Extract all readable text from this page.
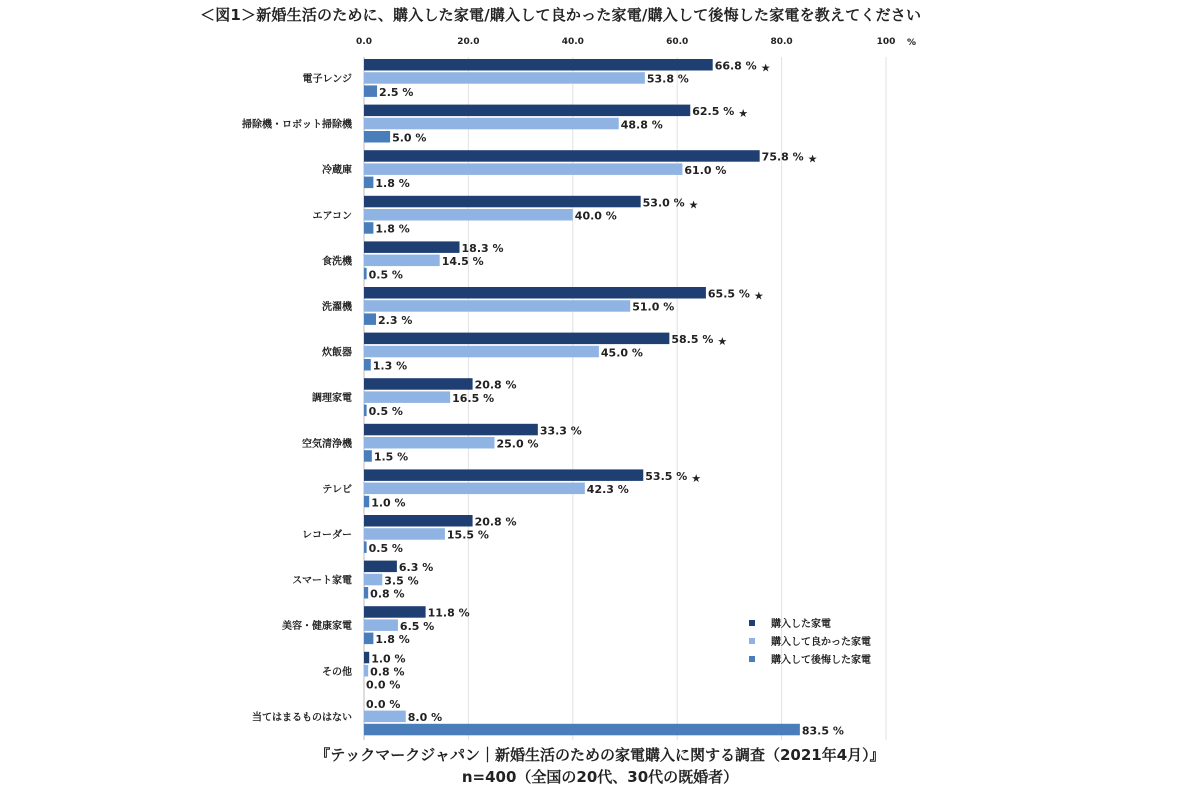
＜図1＞新婚生活のために、購入した家電/購入して良かった家電/購入して後悔した家電を教えてください
0.0	20.0	40.0	60.0	80.0	100 %
電子レンジ
66.8 % ★
53.8 %
2.5 %
掃除機・ロボット掃除機
62.5 % ★
48.8 %
5.0 %
冷蔵庫
75.8 % ★
61.0 %
1.8 %
エアコン
53.0 % ★
40.0 %
1.8 %
食洗機
18.3 %
14.5 %
0.5 %
洗濯機
65.5 % ★
51.0 %
2.3 %
炊飯器
58.5 % ★
45.0 %
1.3 %
調理家電
20.8 %
16.5 %
0.5 %
空気清浄機
33.3 %
25.0 %
1.5 %
テレビ
53.5 % ★
42.3 %
1.0 %
レコーダー
20.8 %
15.5 %
0.5 %
スマート家電
6.3 %
3.5 %
0.8 %
美容・健康家電
11.8 %
6.5 %
1.8 %
その他
1.0 %
0.8 %
0.0 %
当てはまるものはない
0.0 %
8.0 %
83.5 %
購入した家電
購入して良かった家電
購入して後悔した家電
『テックマークジャパン｜新婚生活のための家電購入に関する調査（2021年4月）』
n=400（全国の20代、30代の既婚者）
